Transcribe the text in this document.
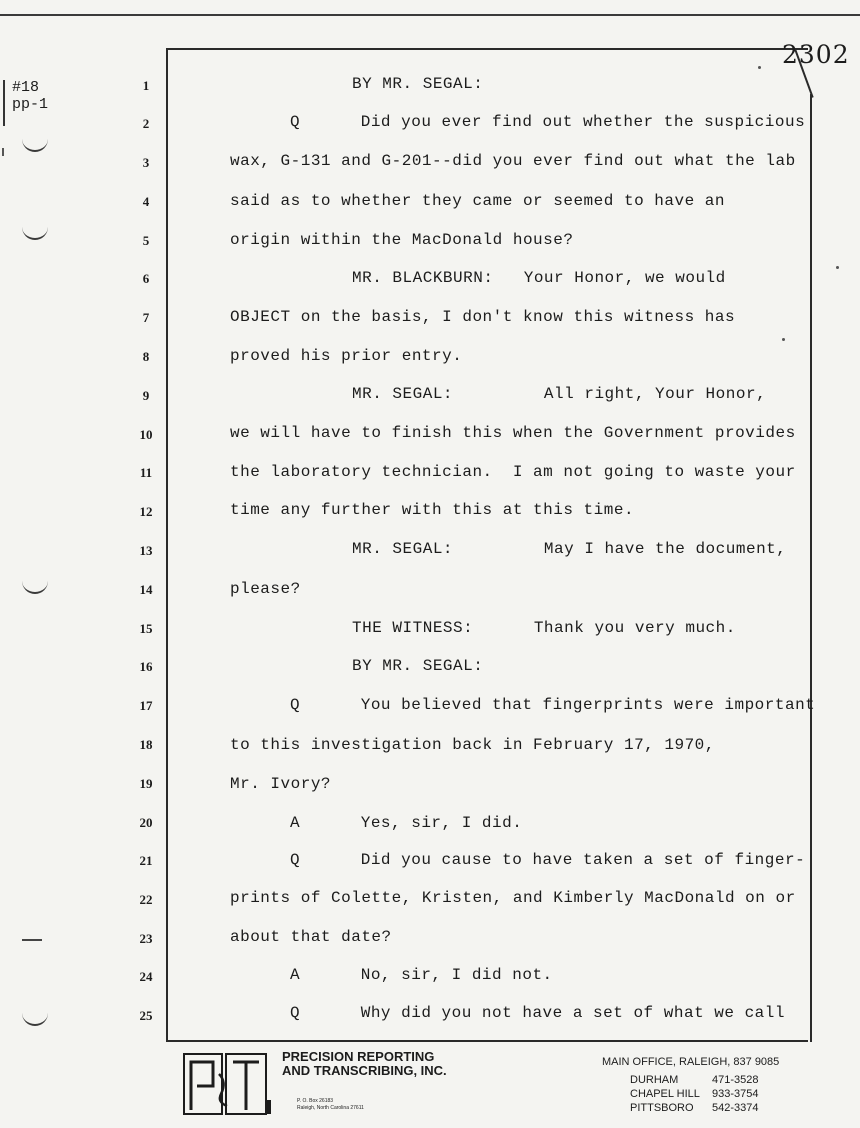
#18
pp-1
2302
1
2
3
4
5
6
7
8
9
10
11
12
13
14
15
16
17
18
19
20
21
22
23
24
25
BY MR. SEGAL:
Q      Did you ever find out whether the suspicious
wax, G-131 and G-201--did you ever find out what the lab
said as to whether they came or seemed to have an
origin within the MacDonald house?
MR. BLACKBURN:   Your Honor, we would
OBJECT on the basis, I don't know this witness has
proved his prior entry.
MR. SEGAL:         All right, Your Honor,
we will have to finish this when the Government provides
the laboratory technician.  I am not going to waste your
time any further with this at this time.
MR. SEGAL:         May I have the document,
please?
THE WITNESS:      Thank you very much.
BY MR. SEGAL:
Q      You believed that fingerprints were important
to this investigation back in February 17, 1970,
Mr. Ivory?
A      Yes, sir, I did.
Q      Did you cause to have taken a set of finger-
prints of Colette, Kristen, and Kimberly MacDonald on or
about that date?
A      No, sir, I did not.
Q      Why did you not have a set of what we call
P&T
PRECISION REPORTING
AND TRANSCRIBING, INC.
P. O. Box 26183
Raleigh, North Carolina 27611
MAIN OFFICE, RALEIGH, 837 9085
DURHAM	471-3528
CHAPEL HILL 933-3754
PITTSBORO 542-3374
